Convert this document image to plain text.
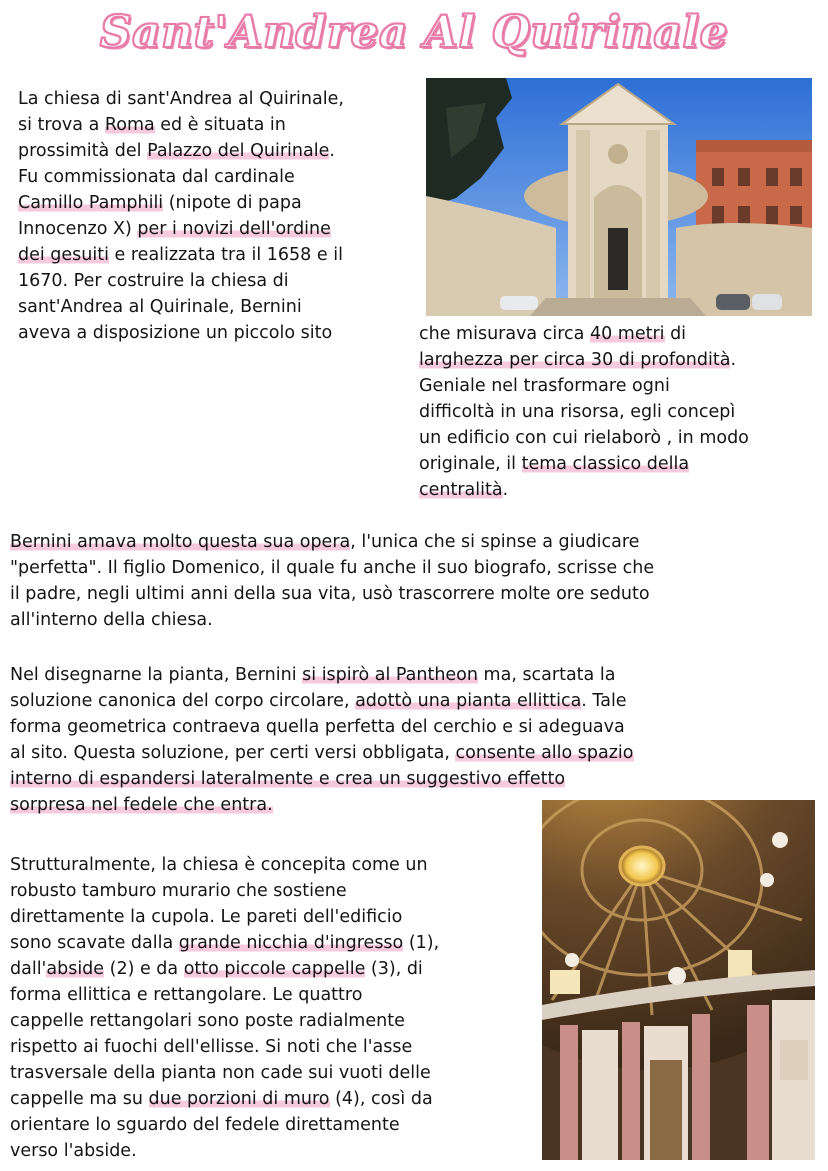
Sant'Andrea Al Quirinale

La chiesa di sant'Andrea al Quirinale,
si trova a Roma ed è situata in
prossimità del Palazzo del Quirinale.
Fu commissionata dal cardinale
Camillo Pamphili (nipote di papa
Innocenzo X) per i novizi dell'ordine
dei gesuiti e realizzata tra il 1658 e il
1670. Per costruire la chiesa di
sant'Andrea al Quirinale, Bernini
aveva a disposizione un piccolo sito	che misurava circa 40 metri di
larghezza per circa 30 di profondità.
Geniale nel trasformare ogni
difficoltà in una risorsa, egli concepì
un edificio con cui rielaborò , in modo
originale, il tema classico della
centralità.

Bernini amava molto questa sua opera, l'unica che si spinse a giudicare
"perfetta". Il figlio Domenico, il quale fu anche il suo biografo, scrisse che
il padre, negli ultimi anni della sua vita, usò trascorrere molte ore seduto
all'interno della chiesa.

Nel disegnarne la pianta, Bernini si ispirò al Pantheon ma, scartata la
soluzione canonica del corpo circolare, adottò una pianta ellittica. Tale
forma geometrica contraeva quella perfetta del cerchio e si adeguava
al sito. Questa soluzione, per certi versi obbligata, consente allo spazio
interno di espandersi lateralmente e crea un suggestivo effetto
sorpresa nel fedele che entra.

Strutturalmente, la chiesa è concepita come un
robusto tamburo murario che sostiene
direttamente la cupola. Le pareti dell'edificio
sono scavate dalla grande nicchia d'ingresso (1),
dall'abside (2) e da otto piccole cappelle (3), di
forma ellittica e rettangolare. Le quattro
cappelle rettangolari sono poste radialmente
rispetto ai fuochi dell'ellisse. Si noti che l'asse
trasversale della pianta non cade sui vuoti delle
cappelle ma su due porzioni di muro (4), così da
orientare lo sguardo del fedele direttamente
verso l'abside.
